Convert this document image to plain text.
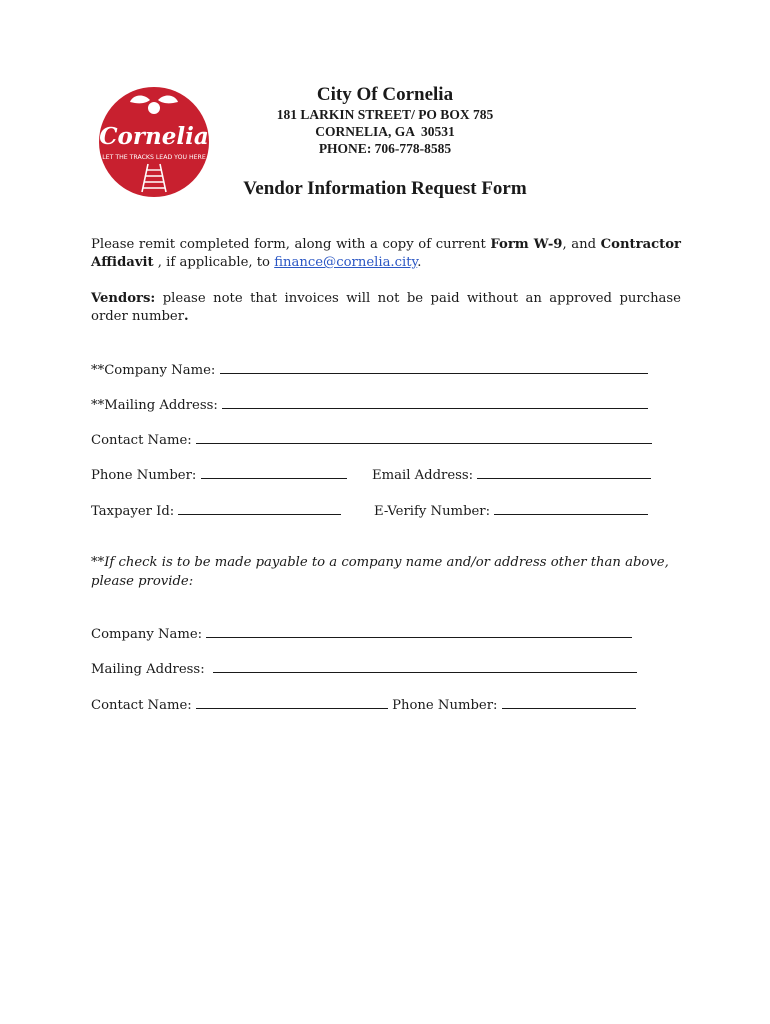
Cornelia
LET THE TRACKS LEAD YOU HERE
City Of Cornelia
181 LARKIN STREET/ PO BOX 785
CORNELIA, GA  30531
PHONE: 706-778-8585
Vendor Information Request Form
Please remit completed form, along with a copy of current Form W-9, and Contractor Affidavit , if applicable, to finance@cornelia.city.
Vendors: please note that invoices will not be paid without an approved purchase order number.
**Company Name:
**Mailing Address:
Contact Name:
Phone Number:	Email Address:
Taxpayer Id:	E-Verify Number:
**If check is to be made payable to a company name and/or address other than above, please provide:
Company Name:
Mailing Address:
Contact Name:	Phone Number:
